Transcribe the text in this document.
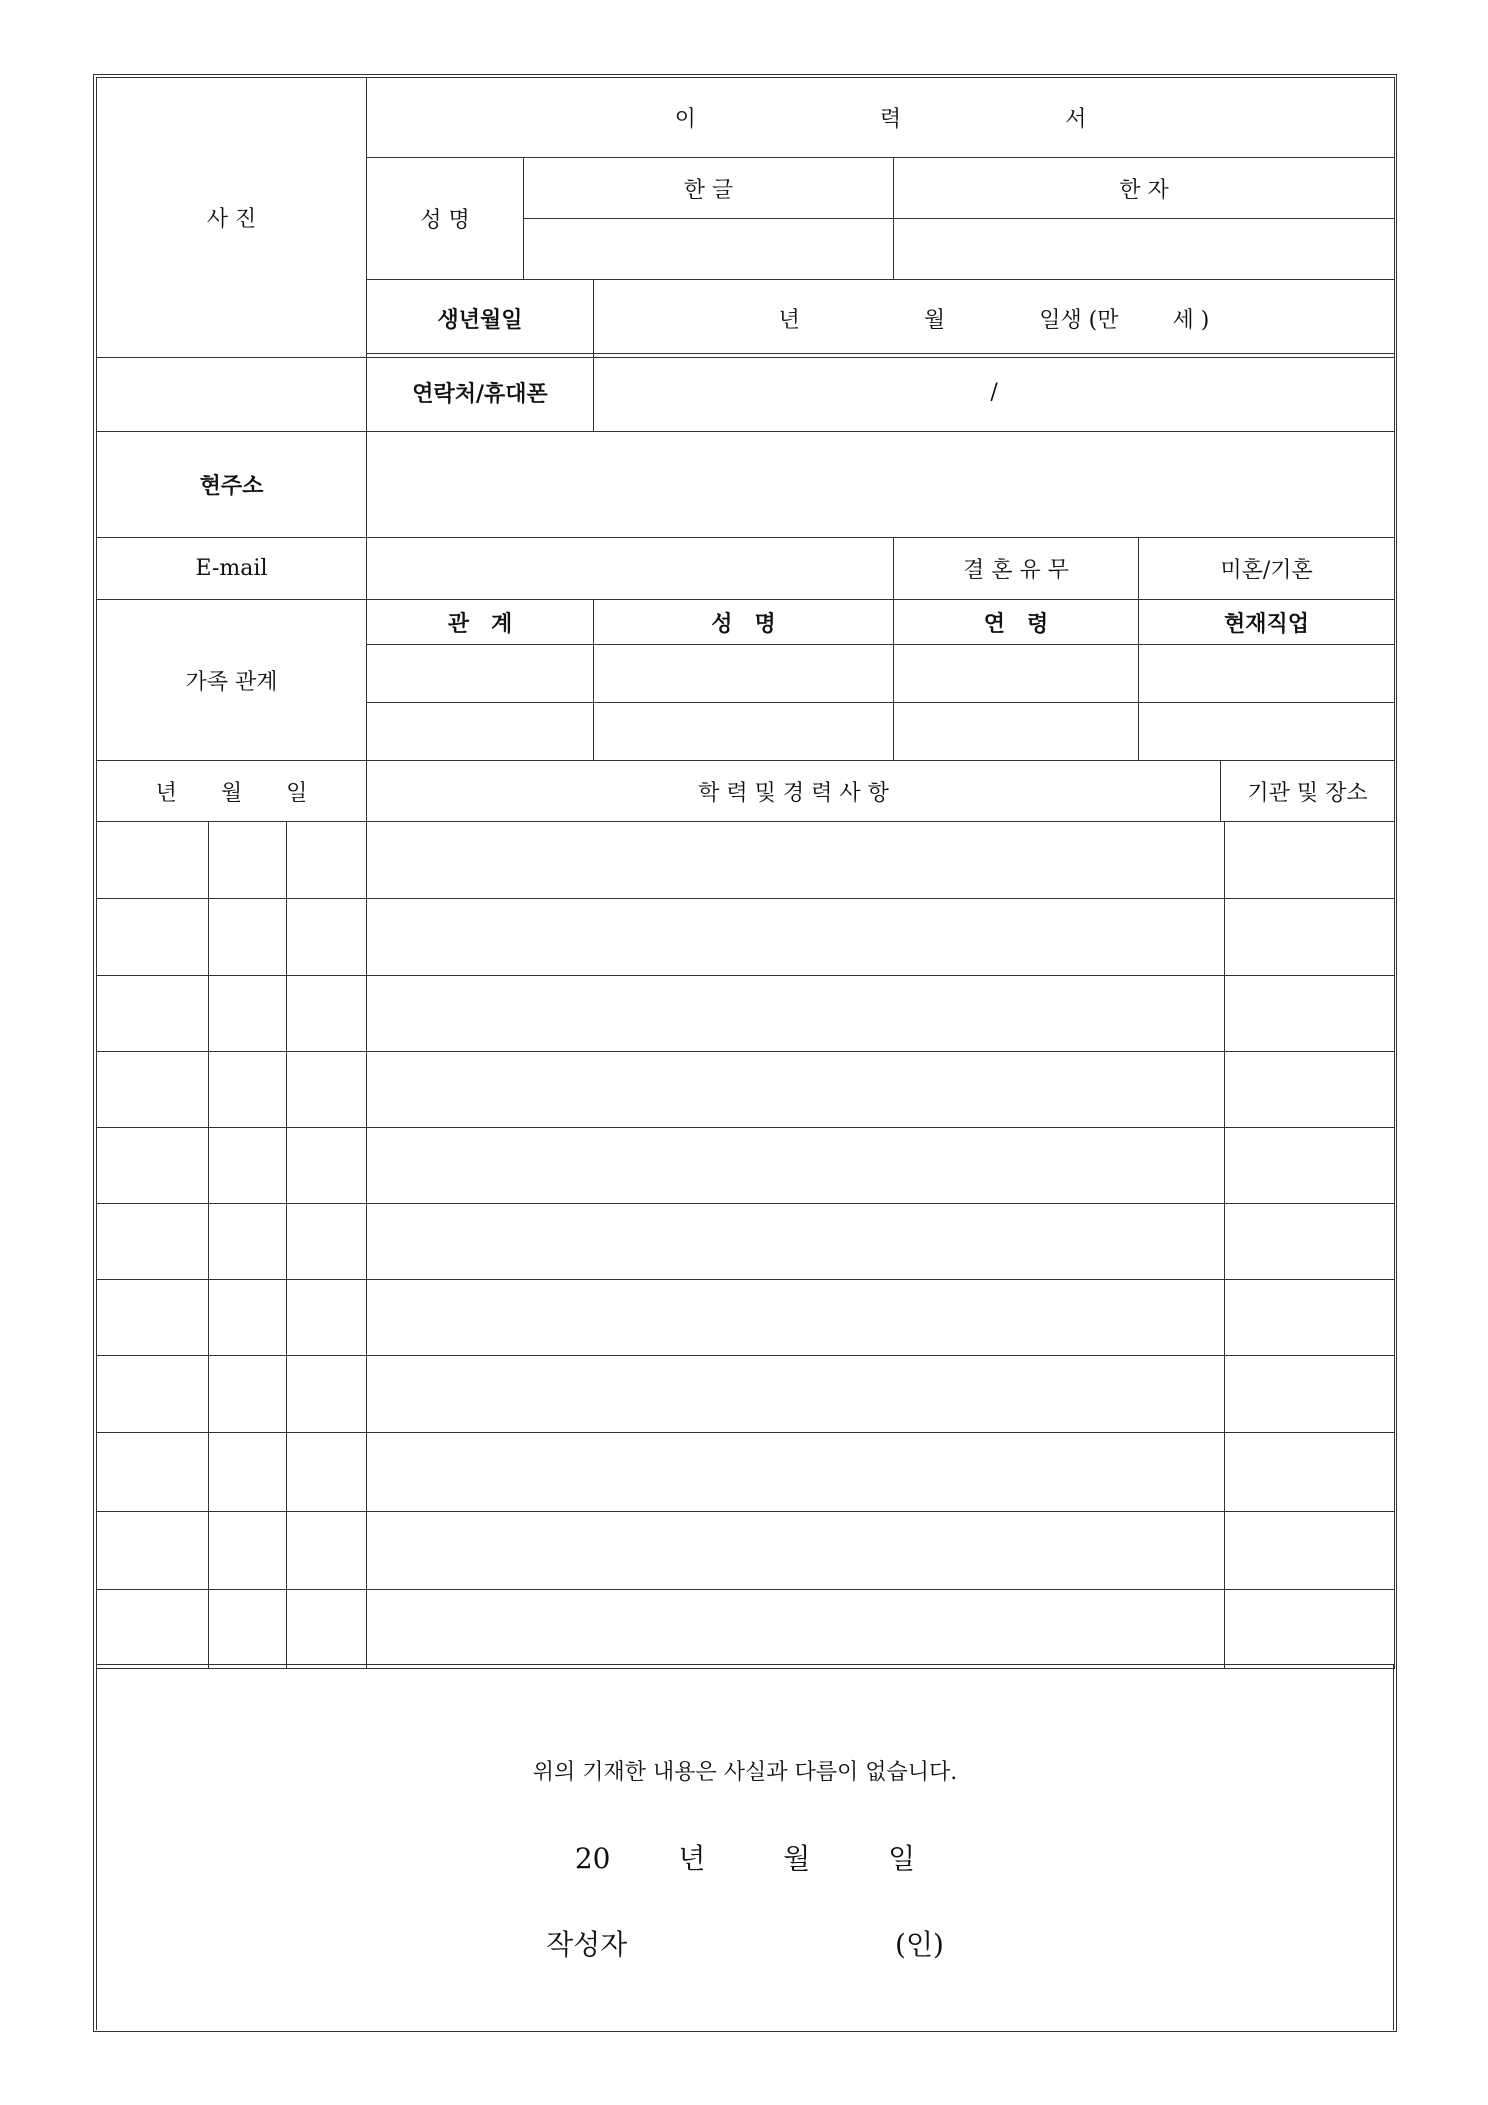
사 진	이 력 서			
	성 명	한 글		한 자

	생년월일		년 월 일생 (만 세 )	
	연락처/휴대폰	/			
현주소					
E-mail			결 혼 유 무	미혼/기혼	
가족 관계	관　계	성　명	연　령	현재직업	

년　　월　　일	학 력 및 경 력 사 항				기관 및 장소

위의 기재한 내용은 사실과 다름이 없습니다.
20 년	월	일
작성자	(인)
